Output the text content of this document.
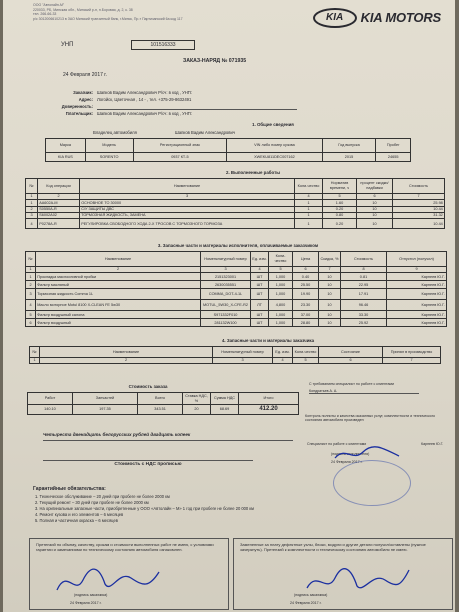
ООО "Автолайн-М"
220033, РБ, Минская обл., Минский р-н, п.Боровая, д. 2, к. 38
тел. 266-66-33
р/с 3012006610213 в ЗАО Минский транзитный банк, г.Минск, Пр-т Партизанский 6а код 117	KIA	KIA MOTORS
УНП	101516333
ЗАКАЗ-НАРЯД № 071935
24 Февраля 2017 г.
Заказчик: Шапков Вадим Александрович P/сч: в код , УНП:
Адрес: Логойск, Цветочная , 14 - , тел. +375-29-8632491
Доверенность:
Плательщик: Шапков Вадим Александрович P/сч: в код , УНП:
1. Общие сведения
Владелец автомобиля	Шапков Вадим Александрович
Марка	Модель	Регистрационный знак	VIN либо номер кузова	Год выпуска	Пробег
KIA RUS	SORENTO	0937 КТ-5	XWEKU811DEC007162	2015	24655
2. Выполненные работы
№	Код операции	Наименование	Коли-чество	Норматив времени, ч	процент скидки/ надбавки	Стоимость
1	2	3	4	5	6	7
1	АA602A-M	ОСНОВНОЕ ТО 30000	1	1.60	10	25.98
2	S0550A-R	С/У ЗАЩИТЫ ДВС	1	0.20	10	10.44
3	S6002A02	ТОРМОЗНАЯ ЖИДКОСТЬ, ЗАМЕНА	1	0.80	10	31.32
4	P0278A-R	РЕГУЛИРОВКА СВОБОДНОГО ХОДА 2-Х ТРОСОВ С ТОРМОЗНОГО ТОРМОЗА	1	0.20	10	10.44
3. Запасные части и материалы исполнителя, оплачиваемые заказчиком
№	Наименование	Номенклатурный номер	Ед. изм.	Коли-чество	Цена	Скидка, %	Стоимость	Отпустил (получил)
1	2	3	4	5	6	7	8	9
1	Прокладка маслосливной пробки	2151323001	ШТ	1,000	0.40	10	0.81	Карпеев Ю.Г.
2	Фильтр масляный	2630035551	ШТ	1,000	25.50	10	22.95	Карпеев Ю.Г.
3	Тормозная жидкость Comma 1L	COMMA_DOT-4-1L	ШТ	1,000	19.90	10	17.91	Карпеев Ю.Г.
4	Масло моторное Motul 8100 X-CLEAN FE 5w30	MOTUL_5W30_X-CFE-R2	ЛТ	4,800	23.30	10	96.46	Карпеев Ю.Г.
5	Фильтр воздушный салона	S971332F010	ШТ	1,000	37.00	10	33.30	Карпеев Ю.Г.
6	Фильтр воздушный	281132W100	ШТ	1,000	28.80	10	25.92	Карпеев Ю.Г.
4. Запасные части и материалы заказчика
№	Наименование	Номенклатурный номер	Ед. изм.	Коли-чество	Состояние	Принял в производство
1	2	3	4	5	6	7
Стоимость заказа
Работ	Запчастей	Всего	Ставка НДС, %	Сумма НДС	Итого
140.10	197.35	343.51	20	68.69	412.20
Четыреста двенадцать белорусских рублей двадцать копеек
Стоимость с НДС прописью
С требованием специалист по работе с клиентами
Кондратьев А. А.
Контроль полноты и качества оказанных услуг, комплектности и технического состояния автомобиля произведен
Специалист по работе с клиентами	Карпеев Ю.Г.
(подпись исполнителя)
24 Февраля 2017 г.
Гарантийные обязательства:
1. Техническое обслуживание – 20 дней при пробеге не более 2000 км
2. Текущий ремонт – 30 дней при пробеге не более 2000 км
3. На оригинальные запасные части, приобретенные у ООО «Автолайн – М» 1 год при пробеге не более 20 000 км
4. Ремонт кузова и его элементов – 6 месяцев
5. Полная и частичная окраска – 6 месяцев
Претензий по объему, качеству, срокам и стоимости выполненных работ не имею, с условиями гарантии и замечаниями по техническому состоянию автомобиля ознакомлен.
(подпись заказчика)
24 Февраля 2017 г.
Замененные за плату дефектные узлы, блоки, модули и другие детали получил/оставлены (нужное зачеркнуть). Претензий к комплектности и техническому состоянию автомобиля не имею.
(подпись заказчика)
24 Февраля 2017 г.
